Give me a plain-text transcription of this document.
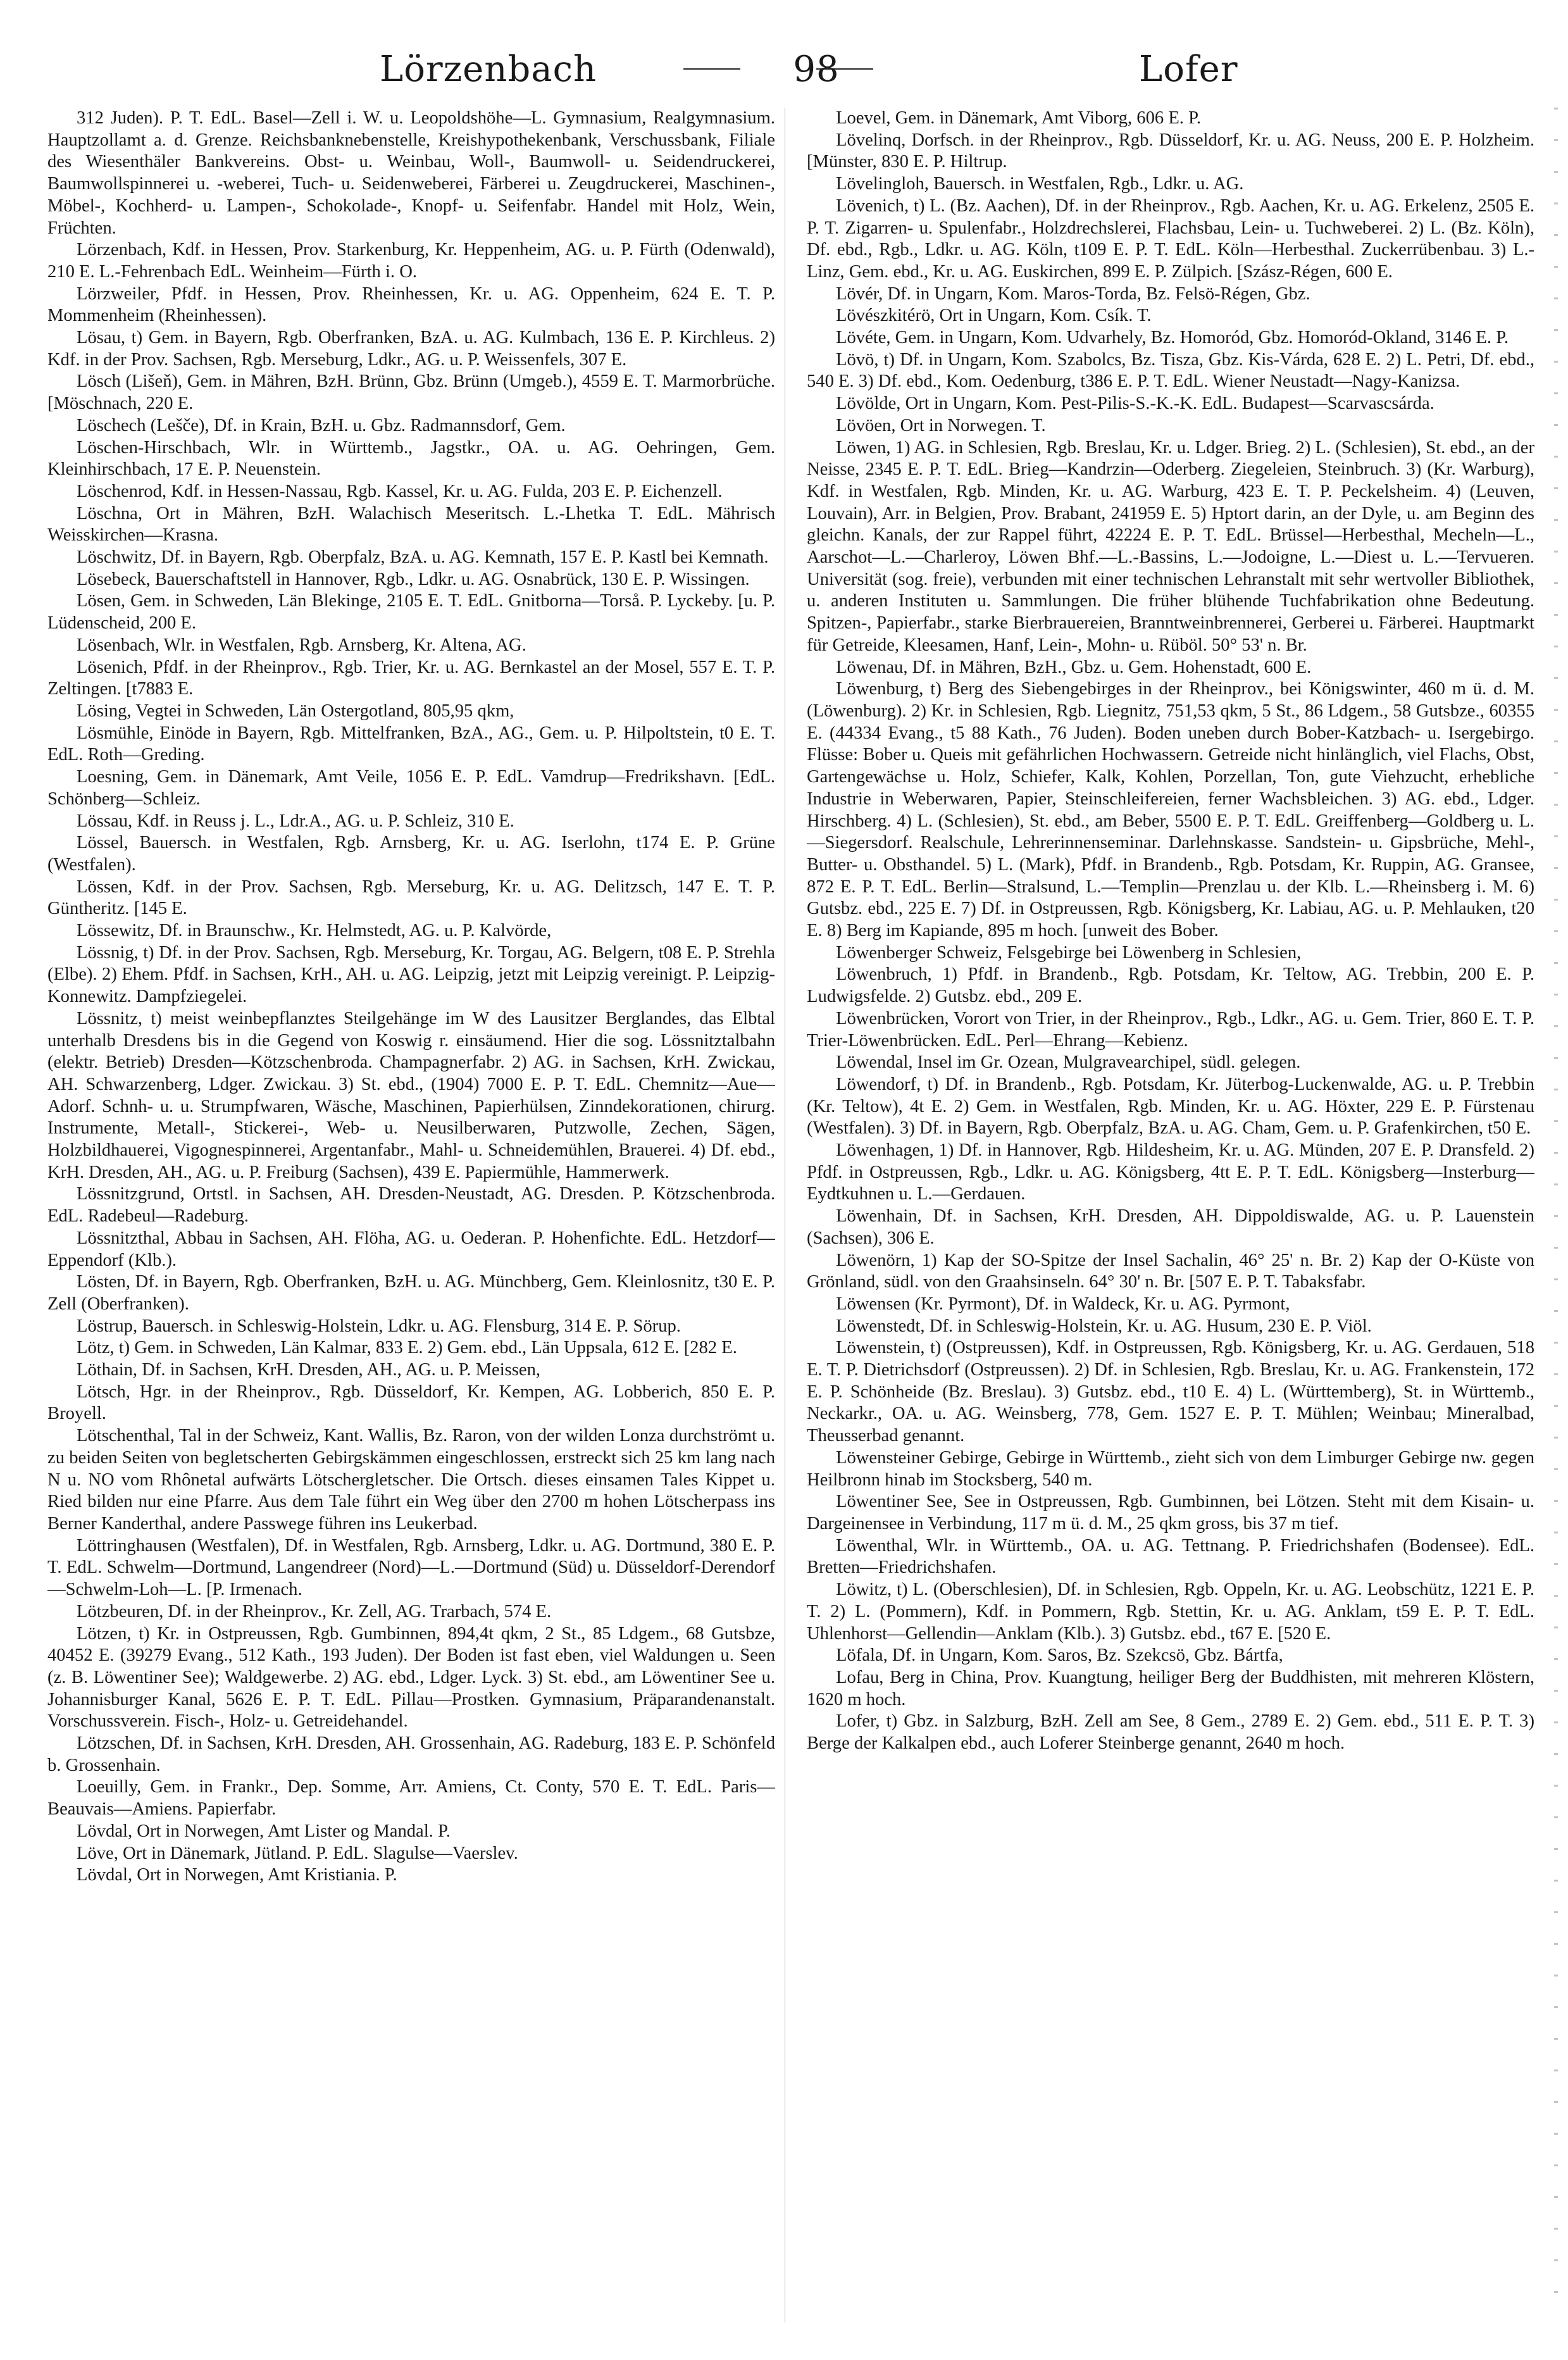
Lörzenbach	98	Lofer

312 Juden). P. T. EdL. Basel—Zell i. W. u. Leopoldshöhe—L. Gymnasium, Realgymnasium. Hauptzollamt a. d. Grenze. Reichsbanknebenstelle, Kreishypothekenbank, Verschussbank, Filiale des Wiesenthäler Bankvereins. Obst- u. Weinbau, Woll-, Baumwoll- u. Seidendruckerei, Baumwollspinnerei u. -weberei, Tuch- u. Seidenweberei, Färberei u. Zeugdruckerei, Maschinen-, Möbel-, Kochherd- u. Lampen-, Schokolade-, Knopf- u. Seifenfabr. Handel mit Holz, Wein, Früchten.

Lörzenbach, Kdf. in Hessen, Prov. Starkenburg, Kr. Heppenheim, AG. u. P. Fürth (Odenwald), 210 E. L.-Fehrenbach EdL. Weinheim—Fürth i. O.

Lörzweiler, Pfdf. in Hessen, Prov. Rheinhessen, Kr. u. AG. Oppenheim, 624 E. T. P. Mommenheim (Rheinhessen).

Lösau, t) Gem. in Bayern, Rgb. Oberfranken, BzA. u. AG. Kulmbach, 136 E. P. Kirchleus. 2) Kdf. in der Prov. Sachsen, Rgb. Merseburg, Ldkr., AG. u. P. Weissenfels, 307 E.

Lösch (Lišeň), Gem. in Mähren, BzH. Brünn, Gbz. Brünn (Umgeb.), 4559 E. T. Marmorbrüche. [Möschnach, 220 E.

Löschech (Lešče), Df. in Krain, BzH. u. Gbz. Radmannsdorf, Gem.

Löschen-Hirschbach, Wlr. in Württemb., Jagstkr., OA. u. AG. Oehringen, Gem. Kleinhirschbach, 17 E. P. Neuenstein.

Löschenrod, Kdf. in Hessen-Nassau, Rgb. Kassel, Kr. u. AG. Fulda, 203 E. P. Eichenzell.

Löschna, Ort in Mähren, BzH. Walachisch Meseritsch. L.-Lhetka T. EdL. Mährisch Weisskirchen—Krasna.

Löschwitz, Df. in Bayern, Rgb. Oberpfalz, BzA. u. AG. Kemnath, 157 E. P. Kastl bei Kemnath.

Lösebeck, Bauerschaftstell in Hannover, Rgb., Ldkr. u. AG. Osnabrück, 130 E. P. Wissingen.

Lösen, Gem. in Schweden, Län Blekinge, 2105 E. T. EdL. Gnitborna—Torså. P. Lyckeby. [u. P. Lüdenscheid, 200 E.

Lösenbach, Wlr. in Westfalen, Rgb. Arnsberg, Kr. Altena, AG.

Lösenich, Pfdf. in der Rheinprov., Rgb. Trier, Kr. u. AG. Bernkastel an der Mosel, 557 E. T. P. Zeltingen. [t7883 E.

Lösing, Vegtei in Schweden, Län Ostergotland, 805,95 qkm,

Lösmühle, Einöde in Bayern, Rgb. Mittelfranken, BzA., AG., Gem. u. P. Hilpoltstein, t0 E. T. EdL. Roth—Greding.

Loesning, Gem. in Dänemark, Amt Veile, 1056 E. P. EdL. Vamdrup—Fredrikshavn. [EdL. Schönberg—Schleiz.

Lössau, Kdf. in Reuss j. L., Ldr.A., AG. u. P. Schleiz, 310 E.

Lössel, Bauersch. in Westfalen, Rgb. Arnsberg, Kr. u. AG. Iserlohn, t174 E. P. Grüne (Westfalen).

Lössen, Kdf. in der Prov. Sachsen, Rgb. Merseburg, Kr. u. AG. Delitzsch, 147 E. T. P. Güntheritz. [145 E.

Lössewitz, Df. in Braunschw., Kr. Helmstedt, AG. u. P. Kalvörde,

Lössnig, t) Df. in der Prov. Sachsen, Rgb. Merseburg, Kr. Torgau, AG. Belgern, t08 E. P. Strehla (Elbe). 2) Ehem. Pfdf. in Sachsen, KrH., AH. u. AG. Leipzig, jetzt mit Leipzig vereinigt. P. Leipzig-Konnewitz. Dampfziegelei.

Lössnitz, t) meist weinbepflanztes Steilgehänge im W des Lausitzer Berglandes, das Elbtal unterhalb Dresdens bis in die Gegend von Koswig r. einsäumend. Hier die sog. Lössnitztalbahn (elektr. Betrieb) Dresden—Kötzschenbroda. Champagnerfabr. 2) AG. in Sachsen, KrH. Zwickau, AH. Schwarzenberg, Ldger. Zwickau. 3) St. ebd., (1904) 7000 E. P. T. EdL. Chemnitz—Aue—Adorf. Schnh- u. u. Strumpfwaren, Wäsche, Maschinen, Papierhülsen, Zinndekorationen, chirurg. Instrumente, Metall-, Stickerei-, Web- u. Neusilberwaren, Putzwolle, Zechen, Sägen, Holzbildhauerei, Vigognespinnerei, Argentanfabr., Mahl- u. Schneidemühlen, Brauerei. 4) Df. ebd., KrH. Dresden, AH., AG. u. P. Freiburg (Sachsen), 439 E. Papiermühle, Hammerwerk.

Lössnitzgrund, Ortstl. in Sachsen, AH. Dresden-Neustadt, AG. Dresden. P. Kötzschenbroda. EdL. Radebeul—Radeburg.

Lössnitzthal, Abbau in Sachsen, AH. Flöha, AG. u. Oederan. P. Hohenfichte. EdL. Hetzdorf—Eppendorf (Klb.).

Lösten, Df. in Bayern, Rgb. Oberfranken, BzH. u. AG. Münchberg, Gem. Kleinlosnitz, t30 E. P. Zell (Oberfranken).

Löstrup, Bauersch. in Schleswig-Holstein, Ldkr. u. AG. Flensburg, 314 E. P. Sörup.

Lötz, t) Gem. in Schweden, Län Kalmar, 833 E. 2) Gem. ebd., Län Uppsala, 612 E. [282 E.

Löthain, Df. in Sachsen, KrH. Dresden, AH., AG. u. P. Meissen,

Lötsch, Hgr. in der Rheinprov., Rgb. Düsseldorf, Kr. Kempen, AG. Lobberich, 850 E. P. Broyell.

Lötschenthal, Tal in der Schweiz, Kant. Wallis, Bz. Raron, von der wilden Lonza durchströmt u. zu beiden Seiten von begletscherten Gebirgskämmen eingeschlossen, erstreckt sich 25 km lang nach N u. NO vom Rhônetal aufwärts Lötschergletscher. Die Ortsch. dieses einsamen Tales Kippet u. Ried bilden nur eine Pfarre. Aus dem Tale führt ein Weg über den 2700 m hohen Lötscherpass ins Berner Kanderthal, andere Passwege führen ins Leukerbad.

Löttringhausen (Westfalen), Df. in Westfalen, Rgb. Arnsberg, Ldkr. u. AG. Dortmund, 380 E. P. T. EdL. Schwelm—Dortmund, Langendreer (Nord)—L.—Dortmund (Süd) u. Düsseldorf-Derendorf—Schwelm-Loh—L. [P. Irmenach.

Lötzbeuren, Df. in der Rheinprov., Kr. Zell, AG. Trarbach, 574 E.

Lötzen, t) Kr. in Ostpreussen, Rgb. Gumbinnen, 894,4t qkm, 2 St., 85 Ldgem., 68 Gutsbze, 40452 E. (39279 Evang., 512 Kath., 193 Juden). Der Boden ist fast eben, viel Waldungen u. Seen (z. B. Löwentiner See); Waldgewerbe. 2) AG. ebd., Ldger. Lyck. 3) St. ebd., am Löwentiner See u. Johannisburger Kanal, 5626 E. P. T. EdL. Pillau—Prostken. Gymnasium, Präparandenanstalt. Vorschussverein. Fisch-, Holz- u. Getreidehandel.

Lötzschen, Df. in Sachsen, KrH. Dresden, AH. Grossenhain, AG. Radeburg, 183 E. P. Schönfeld b. Grossenhain.

Loeuilly, Gem. in Frankr., Dep. Somme, Arr. Amiens, Ct. Conty, 570 E. T. EdL. Paris—Beauvais—Amiens. Papierfabr.

Lövdal, Ort in Norwegen, Amt Lister og Mandal. P.

Löve, Ort in Dänemark, Jütland. P. EdL. Slagulse—Vaerslev.

Lövdal, Ort in Norwegen, Amt Kristiania. P.

Loevel, Gem. in Dänemark, Amt Viborg, 606 E. P.

Lövelinq, Dorfsch. in der Rheinprov., Rgb. Düsseldorf, Kr. u. AG. Neuss, 200 E. P. Holzheim. [Münster, 830 E. P. Hiltrup.

Lövelingloh, Bauersch. in Westfalen, Rgb., Ldkr. u. AG.

Lövenich, t) L. (Bz. Aachen), Df. in der Rheinprov., Rgb. Aachen, Kr. u. AG. Erkelenz, 2505 E. P. T. Zigarren- u. Spulenfabr., Holzdrechslerei, Flachsbau, Lein- u. Tuchweberei. 2) L. (Bz. Köln), Df. ebd., Rgb., Ldkr. u. AG. Köln, t109 E. P. T. EdL. Köln—Herbesthal. Zuckerrübenbau. 3) L.-Linz, Gem. ebd., Kr. u. AG. Euskirchen, 899 E. P. Zülpich. [Szász-Régen, 600 E.

Lövér, Df. in Ungarn, Kom. Maros-Torda, Bz. Felsö-Régen, Gbz.

Lövészkitérö, Ort in Ungarn, Kom. Csík. T.

Lövéte, Gem. in Ungarn, Kom. Udvarhely, Bz. Homoród, Gbz. Homoród-Okland, 3146 E. P.

Lövö, t) Df. in Ungarn, Kom. Szabolcs, Bz. Tisza, Gbz. Kis-Várda, 628 E. 2) L. Petri, Df. ebd., 540 E. 3) Df. ebd., Kom. Oedenburg, t386 E. P. T. EdL. Wiener Neustadt—Nagy-Kanizsa.

Lövölde, Ort in Ungarn, Kom. Pest-Pilis-S.-K.-K. EdL. Budapest—Scarvascsárda.

Lövöen, Ort in Norwegen. T.

Löwen, 1) AG. in Schlesien, Rgb. Breslau, Kr. u. Ldger. Brieg. 2) L. (Schlesien), St. ebd., an der Neisse, 2345 E. P. T. EdL. Brieg—Kandrzin—Oderberg. Ziegeleien, Steinbruch. 3) (Kr. Warburg), Kdf. in Westfalen, Rgb. Minden, Kr. u. AG. Warburg, 423 E. T. P. Peckelsheim. 4) (Leuven, Louvain), Arr. in Belgien, Prov. Brabant, 241959 E. 5) Hptort darin, an der Dyle, u. am Beginn des gleichn. Kanals, der zur Rappel führt, 42224 E. P. T. EdL. Brüssel—Herbesthal, Mecheln—L., Aarschot—L.—Charleroy, Löwen Bhf.—L.-Bassins, L.—Jodoigne, L.—Diest u. L.—Tervueren. Universität (sog. freie), verbunden mit einer technischen Lehranstalt mit sehr wertvoller Bibliothek, u. anderen Instituten u. Sammlungen. Die früher blühende Tuchfabrikation ohne Bedeutung. Spitzen-, Papierfabr., starke Bierbrauereien, Branntweinbrennerei, Gerberei u. Färberei. Hauptmarkt für Getreide, Kleesamen, Hanf, Lein-, Mohn- u. Rüböl. 50° 53' n. Br.

Löwenau, Df. in Mähren, BzH., Gbz. u. Gem. Hohenstadt, 600 E.

Löwenburg, t) Berg des Siebengebirges in der Rheinprov., bei Königswinter, 460 m ü. d. M. (Löwenburg). 2) Kr. in Schlesien, Rgb. Liegnitz, 751,53 qkm, 5 St., 86 Ldgem., 58 Gutsbze., 60355 E. (44334 Evang., t5 88 Kath., 76 Juden). Boden uneben durch Bober-Katzbach- u. Isergebirgo. Flüsse: Bober u. Queis mit gefährlichen Hochwassern. Getreide nicht hinlänglich, viel Flachs, Obst, Gartengewächse u. Holz, Schiefer, Kalk, Kohlen, Porzellan, Ton, gute Viehzucht, erhebliche Industrie in Weberwaren, Papier, Steinschleifereien, ferner Wachsbleichen. 3) AG. ebd., Ldger. Hirschberg. 4) L. (Schlesien), St. ebd., am Beber, 5500 E. P. T. EdL. Greiffenberg—Goldberg u. L.—Siegersdorf. Realschule, Lehrerinnenseminar. Darlehnskasse. Sandstein- u. Gipsbrüche, Mehl-, Butter- u. Obsthandel. 5) L. (Mark), Pfdf. in Brandenb., Rgb. Potsdam, Kr. Ruppin, AG. Gransee, 872 E. P. T. EdL. Berlin—Stralsund, L.—Templin—Prenzlau u. der Klb. L.—Rheinsberg i. M. 6) Gutsbz. ebd., 225 E. 7) Df. in Ostpreussen, Rgb. Königsberg, Kr. Labiau, AG. u. P. Mehlauken, t20 E. 8) Berg im Kapiande, 895 m hoch. [unweit des Bober.

Löwenberger Schweiz, Felsgebirge bei Löwenberg in Schlesien,

Löwenbruch, 1) Pfdf. in Brandenb., Rgb. Potsdam, Kr. Teltow, AG. Trebbin, 200 E. P. Ludwigsfelde. 2) Gutsbz. ebd., 209 E.

Löwenbrücken, Vorort von Trier, in der Rheinprov., Rgb., Ldkr., AG. u. Gem. Trier, 860 E. T. P. Trier-Löwenbrücken. EdL. Perl—Ehrang—Kebienz.

Löwendal, Insel im Gr. Ozean, Mulgravearchipel, südl. gelegen.

Löwendorf, t) Df. in Brandenb., Rgb. Potsdam, Kr. Jüterbog-Luckenwalde, AG. u. P. Trebbin (Kr. Teltow), 4t E. 2) Gem. in Westfalen, Rgb. Minden, Kr. u. AG. Höxter, 229 E. P. Fürstenau (Westfalen). 3) Df. in Bayern, Rgb. Oberpfalz, BzA. u. AG. Cham, Gem. u. P. Grafenkirchen, t50 E.

Löwenhagen, 1) Df. in Hannover, Rgb. Hildesheim, Kr. u. AG. Münden, 207 E. P. Dransfeld. 2) Pfdf. in Ostpreussen, Rgb., Ldkr. u. AG. Königsberg, 4tt E. P. T. EdL. Königsberg—Insterburg—Eydtkuhnen u. L.—Gerdauen.

Löwenhain, Df. in Sachsen, KrH. Dresden, AH. Dippoldiswalde, AG. u. P. Lauenstein (Sachsen), 306 E.

Löwenörn, 1) Kap der SO-Spitze der Insel Sachalin, 46° 25' n. Br. 2) Kap der O-Küste von Grönland, südl. von den Graahsinseln. 64° 30' n. Br. [507 E. P. T. Tabaksfabr.

Löwensen (Kr. Pyrmont), Df. in Waldeck, Kr. u. AG. Pyrmont,

Löwenstedt, Df. in Schleswig-Holstein, Kr. u. AG. Husum, 230 E. P. Viöl.

Löwenstein, t) (Ostpreussen), Kdf. in Ostpreussen, Rgb. Königsberg, Kr. u. AG. Gerdauen, 518 E. T. P. Dietrichsdorf (Ostpreussen). 2) Df. in Schlesien, Rgb. Breslau, Kr. u. AG. Frankenstein, 172 E. P. Schönheide (Bz. Breslau). 3) Gutsbz. ebd., t10 E. 4) L. (Württemberg), St. in Württemb., Neckarkr., OA. u. AG. Weinsberg, 778, Gem. 1527 E. P. T. Mühlen; Weinbau; Mineralbad, Theusserbad genannt.

Löwensteiner Gebirge, Gebirge in Württemb., zieht sich von dem Limburger Gebirge nw. gegen Heilbronn hinab im Stocksberg, 540 m.

Löwentiner See, See in Ostpreussen, Rgb. Gumbinnen, bei Lötzen. Steht mit dem Kisain- u. Dargeinensee in Verbindung, 117 m ü. d. M., 25 qkm gross, bis 37 m tief.

Löwenthal, Wlr. in Württemb., OA. u. AG. Tettnang. P. Friedrichshafen (Bodensee). EdL. Bretten—Friedrichshafen.

Löwitz, t) L. (Oberschlesien), Df. in Schlesien, Rgb. Oppeln, Kr. u. AG. Leobschütz, 1221 E. P. T. 2) L. (Pommern), Kdf. in Pommern, Rgb. Stettin, Kr. u. AG. Anklam, t59 E. P. T. EdL. Uhlenhorst—Gellendin—Anklam (Klb.). 3) Gutsbz. ebd., t67 E. [520 E.

Löfala, Df. in Ungarn, Kom. Saros, Bz. Szekcsö, Gbz. Bártfa,

Lofau, Berg in China, Prov. Kuangtung, heiliger Berg der Buddhisten, mit mehreren Klöstern, 1620 m hoch.

Lofer, t) Gbz. in Salzburg, BzH. Zell am See, 8 Gem., 2789 E. 2) Gem. ebd., 511 E. P. T. 3) Berge der Kalkalpen ebd., auch Loferer Steinberge genannt, 2640 m hoch.
